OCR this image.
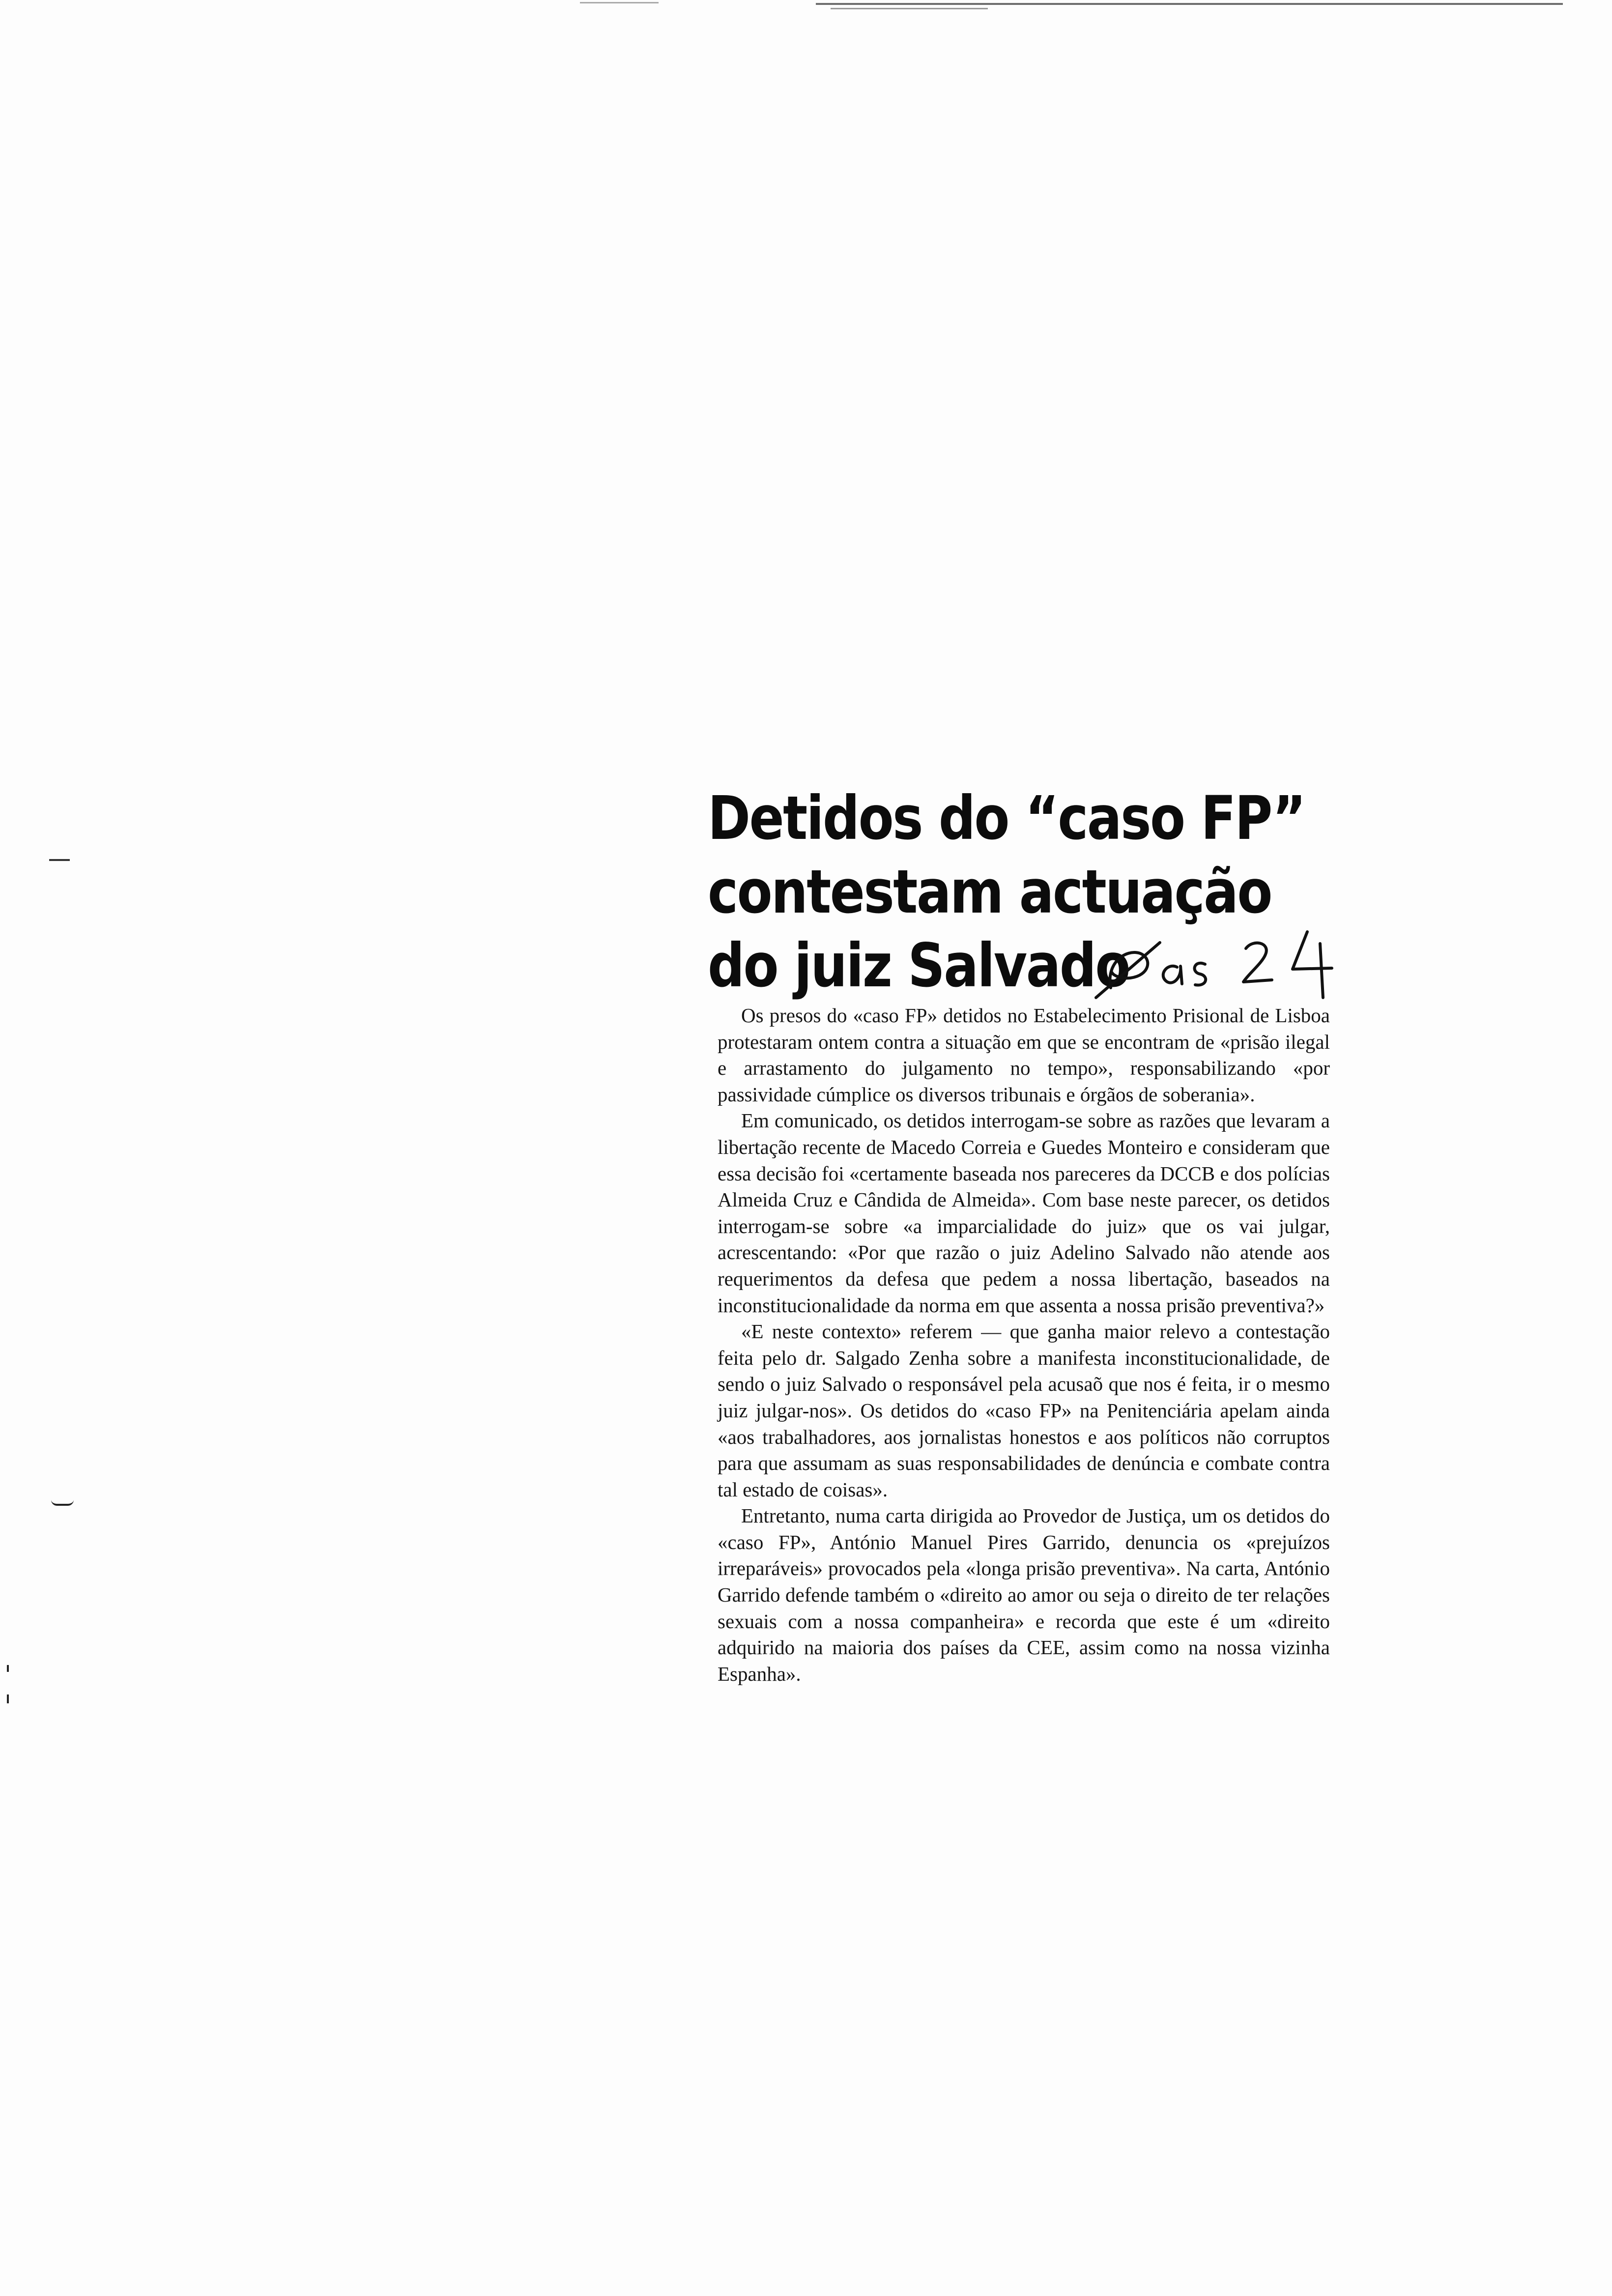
Detidos do “caso FP”
contestam actuação
do juiz Salvado

Os presos do «caso FP» detidos no Estabelecimento Prisional de Lisboa protestaram ontem contra a situação em que se encontram de «prisão ilegal e arrastamento do julgamento no tempo», responsabilizando «por passividade cúmplice os diversos tribunais e órgãos de soberania».

Em comunicado, os detidos interrogam-se sobre as razões que levaram a libertação recente de Macedo Correia e Guedes Monteiro e consideram que essa decisão foi «certamente baseada nos pareceres da DCCB e dos polícias Almeida Cruz e Cândida de Almeida». Com base neste parecer, os detidos interrogam-se sobre «a imparcialidade do juiz» que os vai julgar, acrescentando: «Por que razão o juiz Adelino Salvado não atende aos requerimentos da defesa que pedem a nossa libertação, baseados na inconstitucionalidade da norma em que assenta a nossa prisão preventiva?»

«E neste contexto» referem — que ganha maior relevo a contestação feita pelo dr. Salgado Zenha sobre a manifesta inconstitucionalidade, de sendo o juiz Salvado o responsável pela acusaõ que nos é feita, ir o mesmo juiz julgar-nos». Os detidos do «caso FP» na Penitenciária apelam ainda «aos trabalhadores, aos jornalistas honestos e aos políticos não corruptos para que assumam as suas responsabilidades de denúncia e combate contra tal estado de coisas».

Entretanto, numa carta dirigida ao Provedor de Justiça, um os detidos do «caso FP», António Manuel Pires Garrido, denuncia os «prejuízos irreparáveis» provocados pela «longa prisão preventiva». Na carta, António Garrido defende também o «direito ao amor ou seja o direito de ter relações sexuais com a nossa companheira» e recorda que este é um «direito adquirido na maioria dos países da CEE, assim como na nossa vizinha Espanha».
